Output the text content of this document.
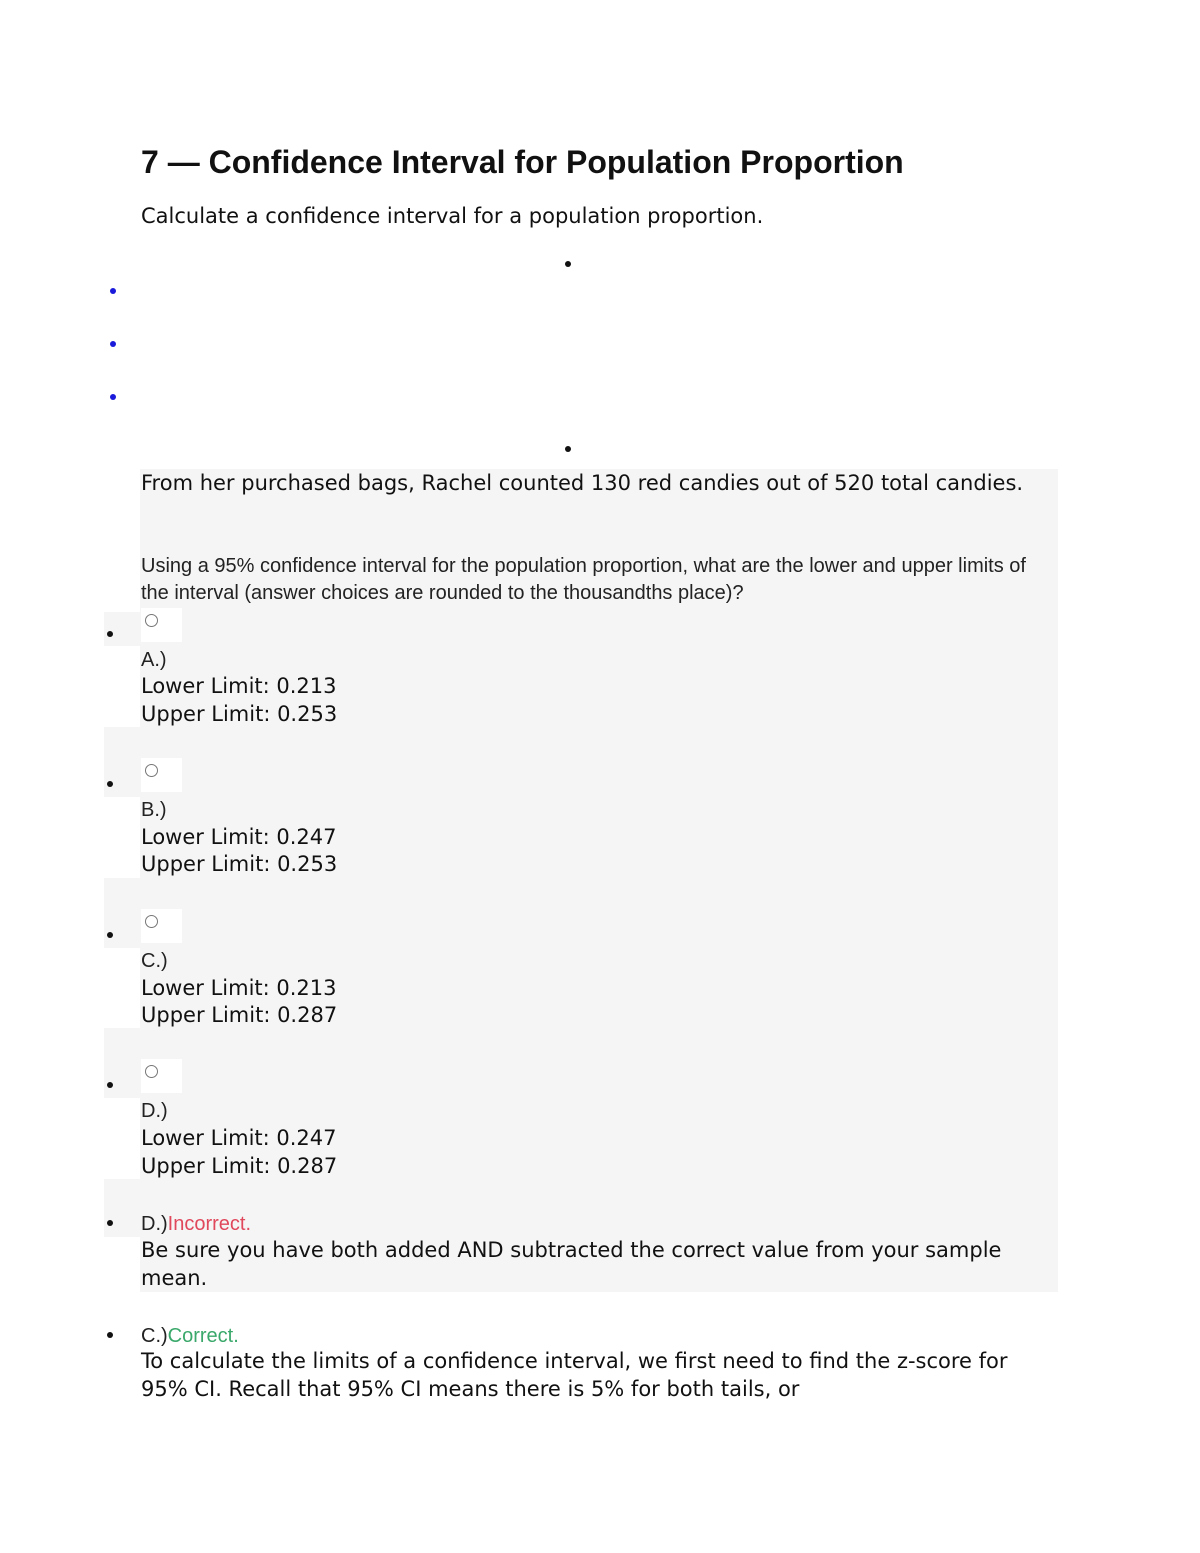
7 — Confidence Interval for Population Proportion
Calculate a confidence interval for a population proportion.
From her purchased bags, Rachel counted 130 red candies out of 520 total candies.
Using a 95% confidence interval for the population proportion, what are the lower and upper limits of the interval (answer choices are rounded to the thousandths place)?
A.)
Lower Limit: 0.213
Upper Limit: 0.253
B.)
Lower Limit: 0.247
Upper Limit: 0.253
C.)
Lower Limit: 0.213
Upper Limit: 0.287
D.)
Lower Limit: 0.247
Upper Limit: 0.287
D.)Incorrect.
Be sure you have both added AND subtracted the correct value from your sample mean.
C.)Correct.
To calculate the limits of a confidence interval, we first need to find the z-score for 95% CI. Recall that 95% CI means there is 5% for both tails, or
